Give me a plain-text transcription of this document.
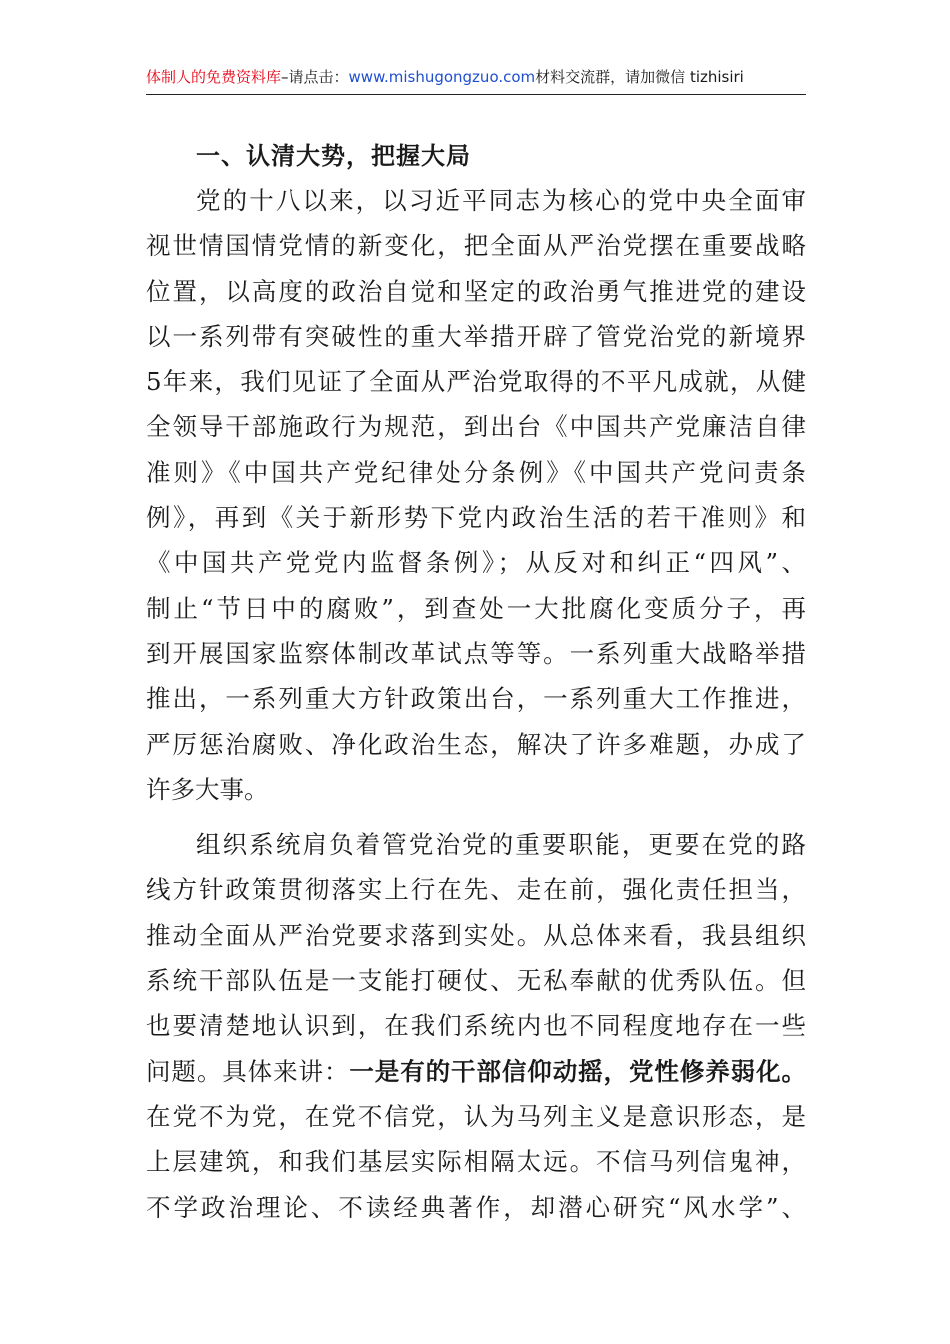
体制人的免费资料库–请点击：www.mishugongzuo.com材料交流群，请加微信 tizhisiri
一、认清大势，把握大局
党的十八以来，以习近平同志为核心的党中央全面审
视世情国情党情的新变化，把全面从严治党摆在重要战略
位置，以高度的政治自觉和坚定的政治勇气推进党的建设
以一系列带有突破性的重大举措开辟了管党治党的新境界
5年来，我们见证了全面从严治党取得的不平凡成就，从健
全领导干部施政行为规范，到出台《中国共产党廉洁自律
准则》《中国共产党纪律处分条例》《中国共产党问责条
例》，再到《关于新形势下党内政治生活的若干准则》和
《中国共产党党内监督条例》；从反对和纠正“四风”、
制止“节日中的腐败”，到查处一大批腐化变质分子，再
到开展国家监察体制改革试点等等。一系列重大战略举措
推出，一系列重大方针政策出台，一系列重大工作推进，
严厉惩治腐败、净化政治生态，解决了许多难题，办成了
许多大事。
组织系统肩负着管党治党的重要职能，更要在党的路
线方针政策贯彻落实上行在先、走在前，强化责任担当，
推动全面从严治党要求落到实处。从总体来看，我县组织
系统干部队伍是一支能打硬仗、无私奉献的优秀队伍。但
也要清楚地认识到，在我们系统内也不同程度地存在一些
问题。具体来讲：一是有的干部信仰动摇，党性修养弱化。
在党不为党，在党不信党，认为马列主义是意识形态，是
上层建筑，和我们基层实际相隔太远。不信马列信鬼神，
不学政治理论、不读经典著作，却潜心研究“风水学”、
